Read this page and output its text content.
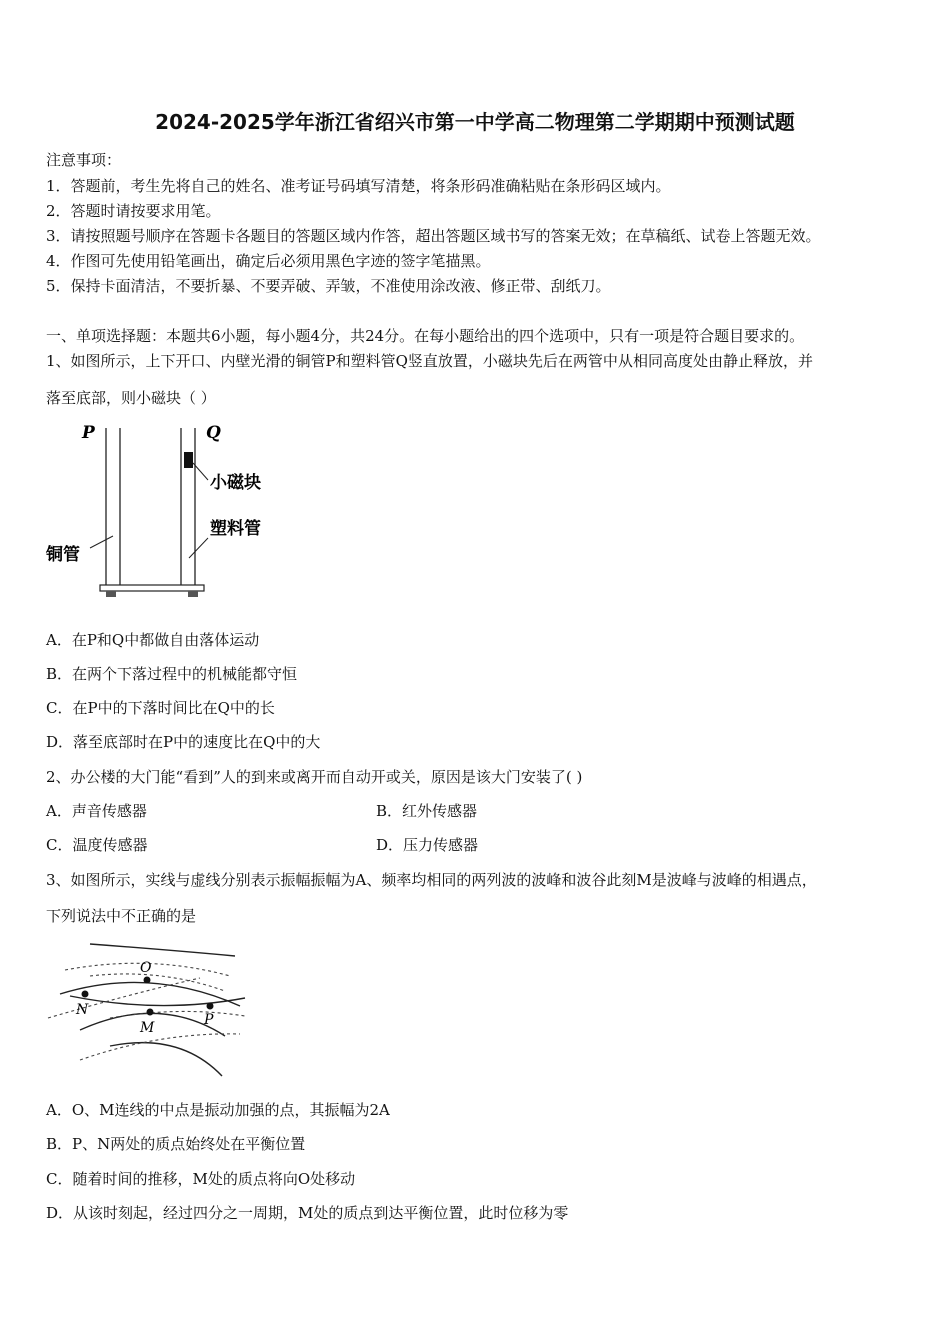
2024-2025学年浙江省绍兴市第一中学高二物理第二学期期中预测试题
注意事项：
1．答题前，考生先将自己的姓名、准考证号码填写清楚，将条形码准确粘贴在条形码区域内。
2．答题时请按要求用笔。
3．请按照题号顺序在答题卡各题目的答题区域内作答，超出答题区域书写的答案无效；在草稿纸、试卷上答题无效。
4．作图可先使用铅笔画出，确定后必须用黑色字迹的签字笔描黑。
5．保持卡面清洁，不要折暴、不要弄破、弄皱，不准使用涂改液、修正带、刮纸刀。
一、单项选择题：本题共6小题，每小题4分，共24分。在每小题给出的四个选项中，只有一项是符合题目要求的。
1、如图所示，上下开口、内壁光滑的铜管P和塑料管Q竖直放置，小磁块先后在两管中从相同高度处由静止释放，并
落至底部，则小磁块（ ）
P	Q
小磁块
塑料管
铜管
A．在P和Q中都做自由落体运动
B．在两个下落过程中的机械能都守恒
C．在P中的下落时间比在Q中的长
D．落至底部时在P中的速度比在Q中的大
2、办公楼的大门能“看到”人的到来或离开而自动开或关，原因是该大门安装了( )
A．声音传感器	B．红外传感器
C．温度传感器	D．压力传感器
3、如图所示，实线与虚线分别表示振幅振幅为A、频率均相同的两列波的波峰和波谷此刻M是波峰与波峰的相遇点，
下列说法中不正确的是
O
N
M	P
A．O、M连线的中点是振动加强的点，其振幅为2A
B．P、N两处的质点始终处在平衡位置
C．随着时间的推移，M处的质点将向O处移动
D．从该时刻起，经过四分之一周期，M处的质点到达平衡位置，此时位移为零
